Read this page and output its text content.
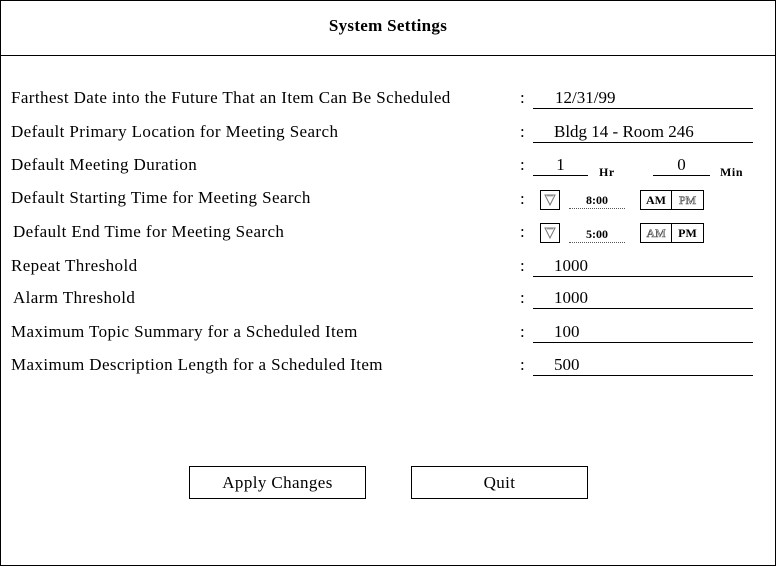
System Settings
Farthest Date into the Future That an Item Can Be Scheduled	: 12/31/99
Default Primary Location for Meeting Search	: Bldg 14 - Room 246
Default Meeting Duration	:	1	Hr	0	Min
Default Starting Time for Meeting Search	:	8:00	AM	PM
Default End Time for Meeting Search	:	5:00	AM	PM
Repeat Threshold	: 1000
Alarm Threshold	: 1000
Maximum Topic Summary for a Scheduled Item	: 100
Maximum Description Length for a Scheduled Item	: 500
Apply Changes	Quit
